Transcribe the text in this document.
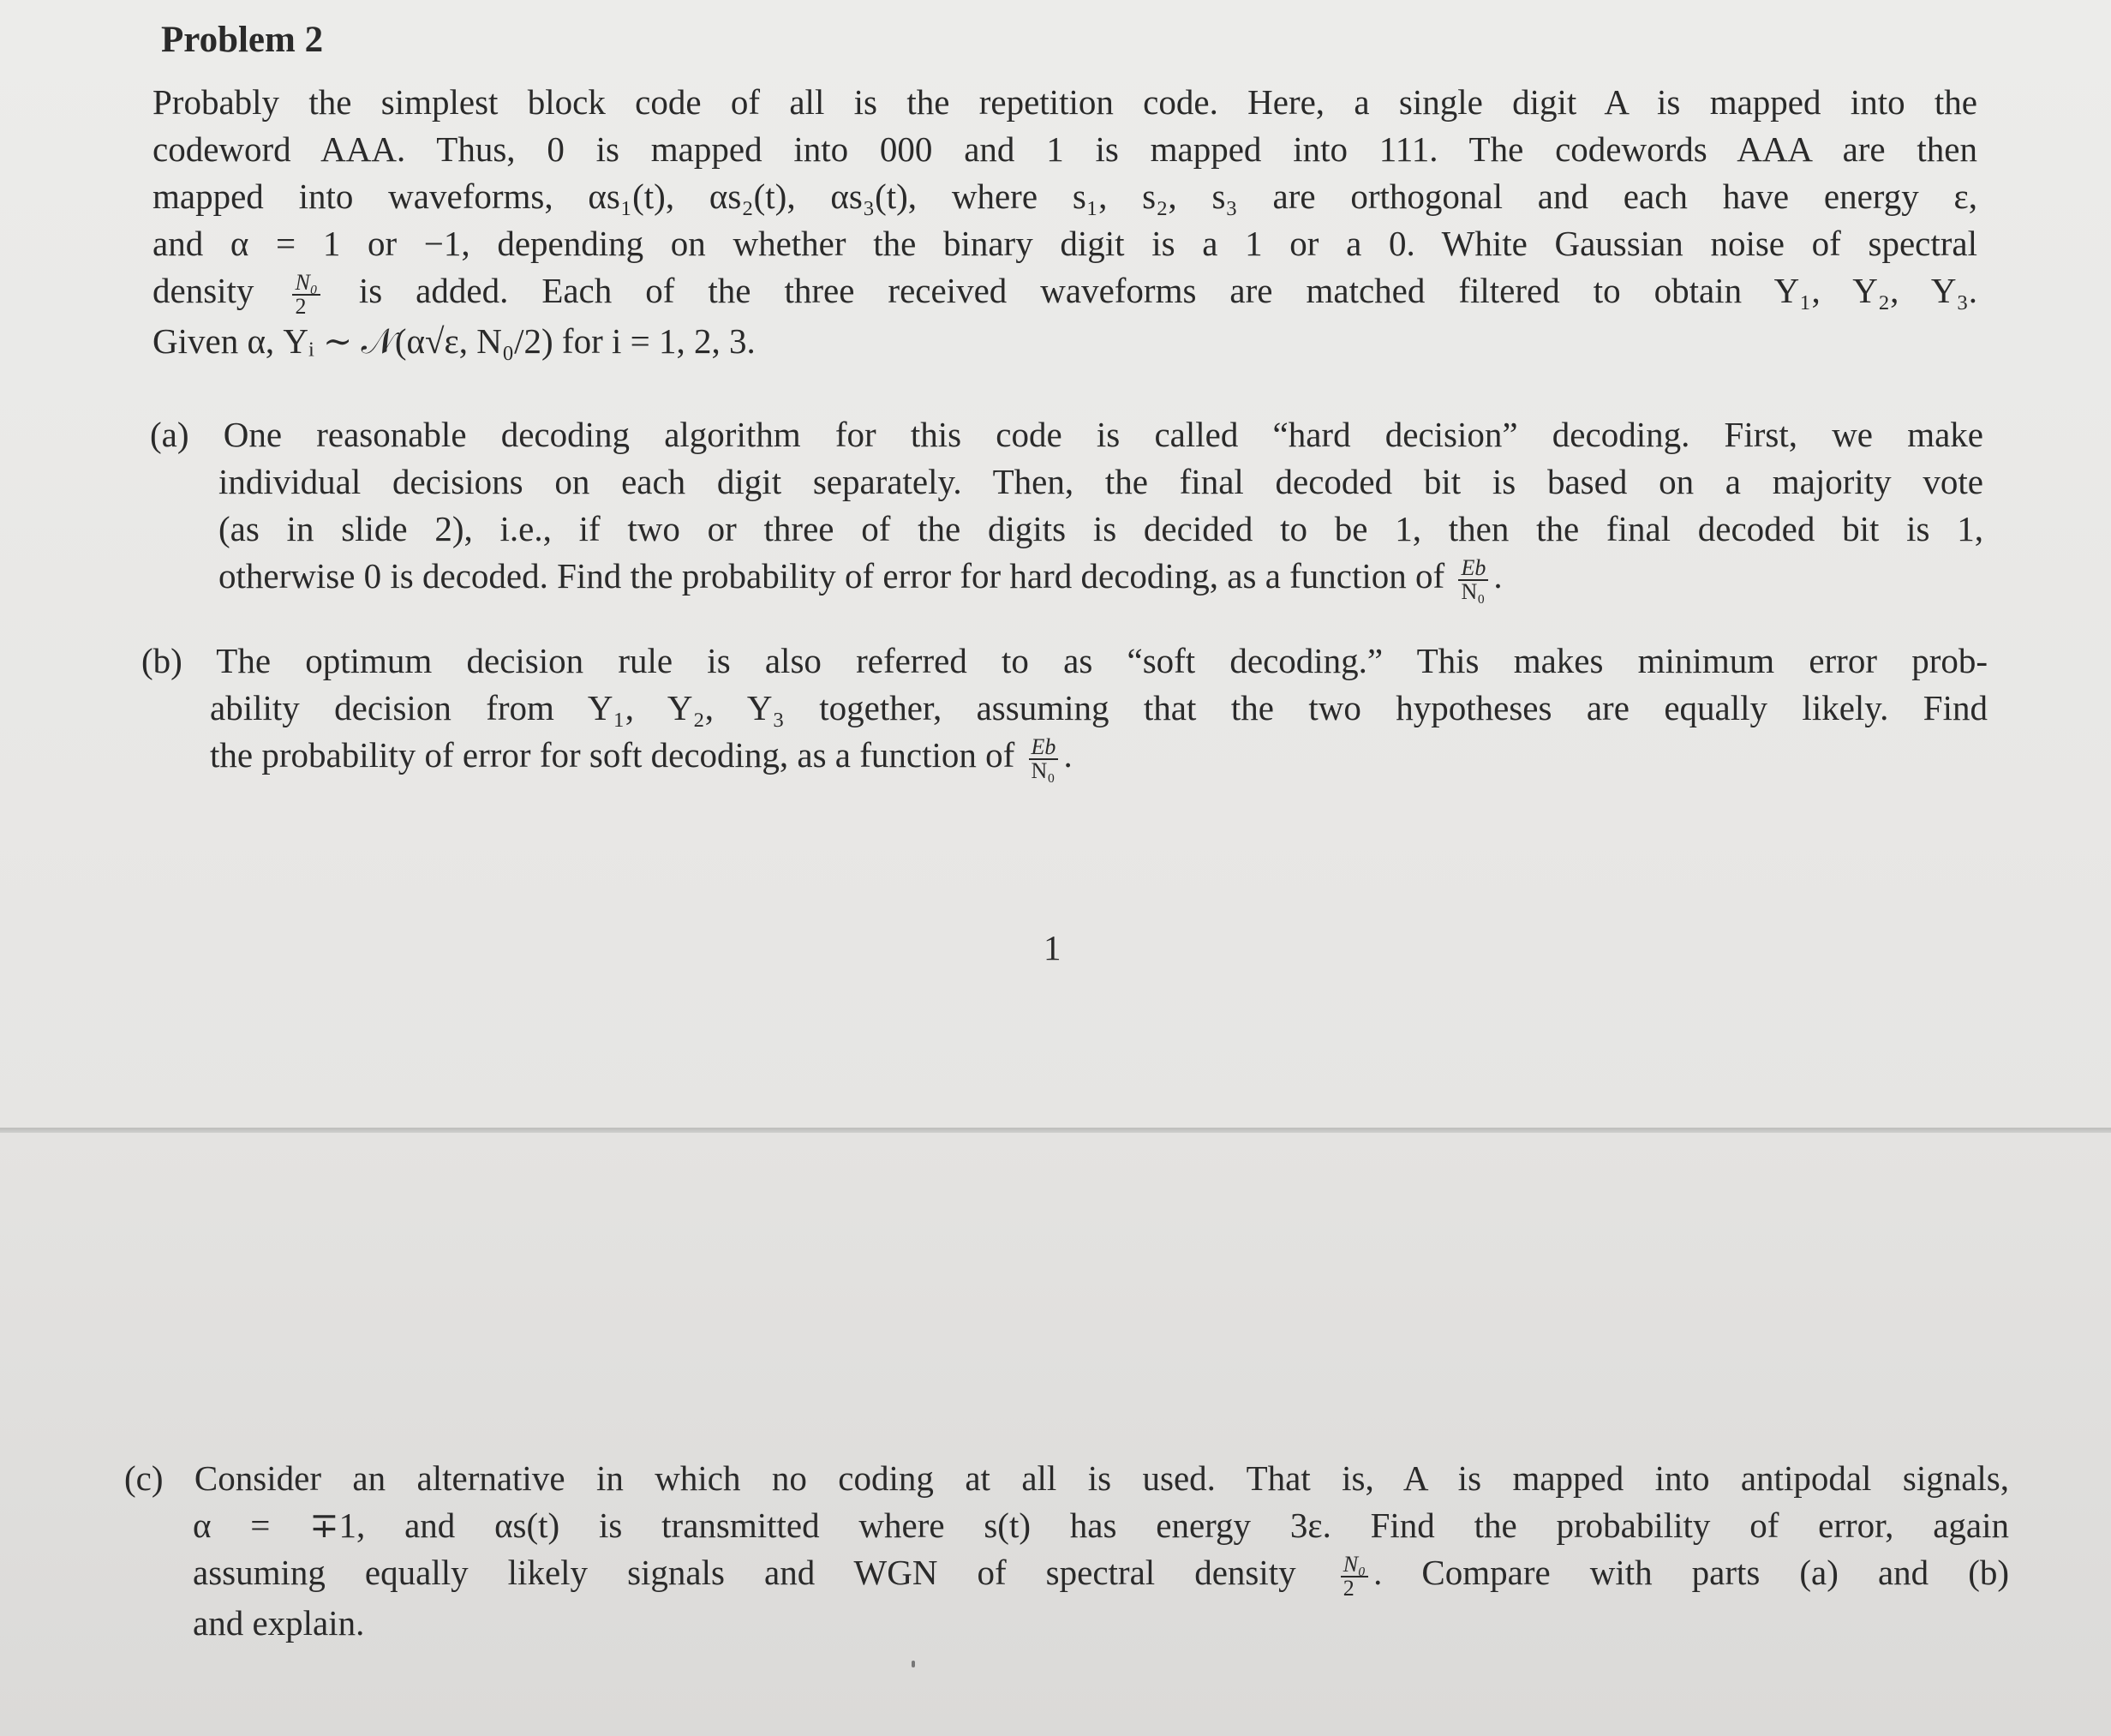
Problem 2
Probably the simplest block code of all is the repetition code. Here, a single digit A is mapped into the
codeword AAA. Thus, 0 is mapped into 000 and 1 is mapped into 111. The codewords AAA are then
mapped into waveforms, αs₁(t), αs₂(t), αs₃(t), where s₁, s₂, s₃ are orthogonal and each have energy ε,
and α = 1 or −1, depending on whether the binary digit is a 1 or a 0. White Gaussian noise of spectral
density $\frac{\text{N₀}}{2}$ is added. Each of the three received waveforms are matched filtered to obtain Y₁, Y₂, Y₃.
Given α, Yᵢ ∼ 𝒩(α√ε, N₀/2) for i = 1, 2, 3.
(a) One reasonable decoding algorithm for this code is called “hard decision” decoding. First, we make
individual decisions on each digit separately. Then, the final decoded bit is based on a majority vote
(as in slide 2), i.e., if two or three of the digits is decided to be 1, then the final decoded bit is 1,
otherwise 0 is decoded. Find the probability of error for hard decoding, as a function of $\frac{Eb}{\text{N₀}}$ .
(b) The optimum decision rule is also referred to as “soft decoding.” This makes minimum error prob-
ability decision from Y₁, Y₂, Y₃ together, assuming that the two hypotheses are equally likely. Find
the probability of error for soft decoding, as a function of $\frac{Eb}{\text{N₀}}$ .
1
(c) Consider an alternative in which no coding at all is used. That is, A is mapped into antipodal signals,
α = ∓1, and αs(t) is transmitted where s(t) has energy 3ε. Find the probability of error, again
assuming equally likely signals and WGN of spectral density $\frac{\text{N₀}}{2}$ . Compare with parts (a) and (b)
and explain.
